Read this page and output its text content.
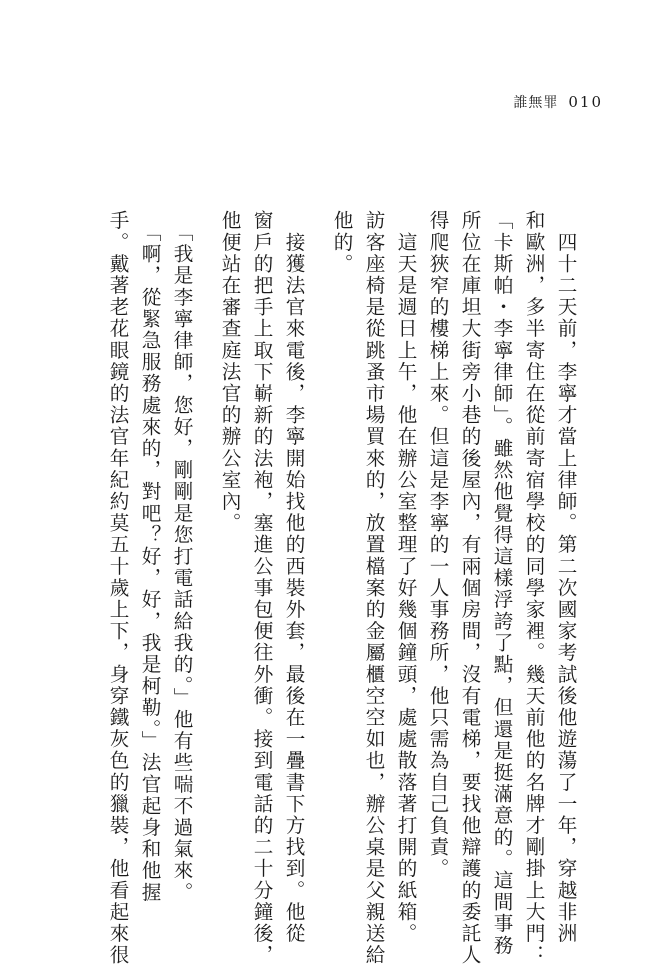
誰無罪 010
　四十二天前，李寧才當上律師。第二次國家考試後他遊蕩了一年，穿越非洲
和歐洲，多半寄住在從前寄宿學校的同學家裡。幾天前他的名牌才剛掛上大門：
「卡斯帕・李寧律師」。雖然他覺得這樣浮誇了點，但還是挺滿意的。這間事務
所位在庫坦大街旁小巷的後屋內，有兩個房間，沒有電梯，要找他辯護的委託人
得爬狹窄的樓梯上來。但這是李寧的一人事務所，他只需為自己負責。
　這天是週日上午，他在辦公室整理了好幾個鐘頭，處處散落著打開的紙箱。
訪客座椅是從跳蚤市場買來的，放置檔案的金屬櫃空空如也，辦公桌是父親送給
他的。
　接獲法官來電後，李寧開始找他的西裝外套，最後在一疊書下方找到。他從
窗戶的把手上取下嶄新的法袍，塞進公事包便往外衝。接到電話的二十分鐘後，
他便站在審查庭法官的辦公室內。
　「我是李寧律師，您好，剛剛是您打電話給我的。」他有些喘不過氣來。
　「啊，從緊急服務處來的，對吧？好，好，我是柯勒。」法官起身和他握
手。戴著老花眼鏡的法官年紀約莫五十歲上下，身穿鐵灰色的獵裝，他看起來很
